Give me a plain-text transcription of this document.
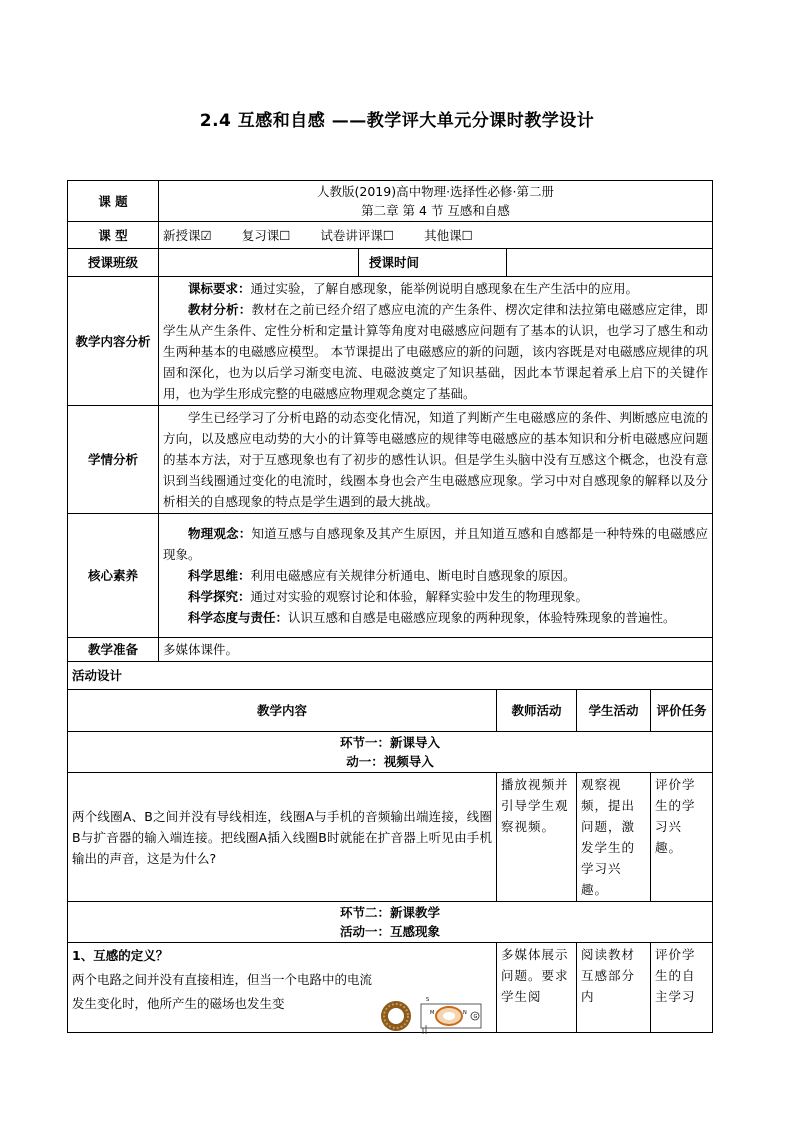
2.4 互感和自感 ——教学评大单元分课时教学设计
课 题	人教版(2019)高中物理·选择性必修·第二册
第二章 第 4 节 互感和自感					

课 型	新授课☑ 复习课☐ 试卷讲评课☐ 其他课☐					
授课班级		授课时间				
教学内容分析	课标要求：通过实验，了解自感现象，能举例说明自感现象在生产生活中的应用。
教材分析：教材在之前已经介绍了感应电流的产生条件、楞次定律和法拉第电磁感应定律，即学生从产生条件、定性分析和定量计算等角度对电磁感应问题有了基本的认识，也学习了感生和动生两种基本的电磁感应模型。 本节课提出了电磁感应的新的问题，该内容既是对电磁感应规律的巩固和深化，也为以后学习渐变电流、电磁波奠定了知识基础，因此本节课起着承上启下的关键作用，也为学生形成完整的电磁感应物理观念奠定了基础。					

学情分析	学生已经学习了分析电路的动态变化情况，知道了判断产生电磁感应的条件、判断感应电流的方向，以及感应电动势的大小的计算等电磁感应的规律等电磁感应的基本知识和分析电磁感应问题的基本方法，对于互感现象也有了初步的感性认识。但是学生头脑中没有互感这个概念，也没有意识到当线圈通过变化的电流时，线圈本身也会产生电磁感应现象。学习中对自感现象的解释以及分析相关的自感现象的特点是学生遇到的最大挑战。					
核心素养	物理观念：知道互感与自感现象及其产生原因，并且知道互感和自感都是一种特殊的电磁感应现象。
科学思维：利用电磁感应有关规律分析通电、断电时自感现象的原因。
科学探究：通过对实验的观察讨论和体验，解释实验中发生的物理现象。
科学态度与责任：认识互感和自感是电磁感应现象的两种现象，体验特殊现象的普遍性。					

教学准备	多媒体课件。					
活动设计						
教学内容			教师活动		学生活动	评价任务

环节一：新课导入
动一：视频导入						

两个线圈A、B之间并没有导线相连，线圈A与手机的音频输出端连接，线圈B与扩音器的输入端连接。把线圈A插入线圈B时就能在扩音器上听见由手机输出的声音，这是为什么?			播放视频并引导学生观察视频。		观察视频，提出问题，激发学生的学习兴趣。	评价学生的学习兴趣。

环节二：新课教学
活动一：互感现象						

1、互感的定义？
两个电路之间并没有直接相连，但当一个电路中的电流发生变化时，他所产生的磁场也发生变			多媒体展示问题。要求学生阅		阅读教材互感部分内	评价学生的自主学习
S
M	N
G
